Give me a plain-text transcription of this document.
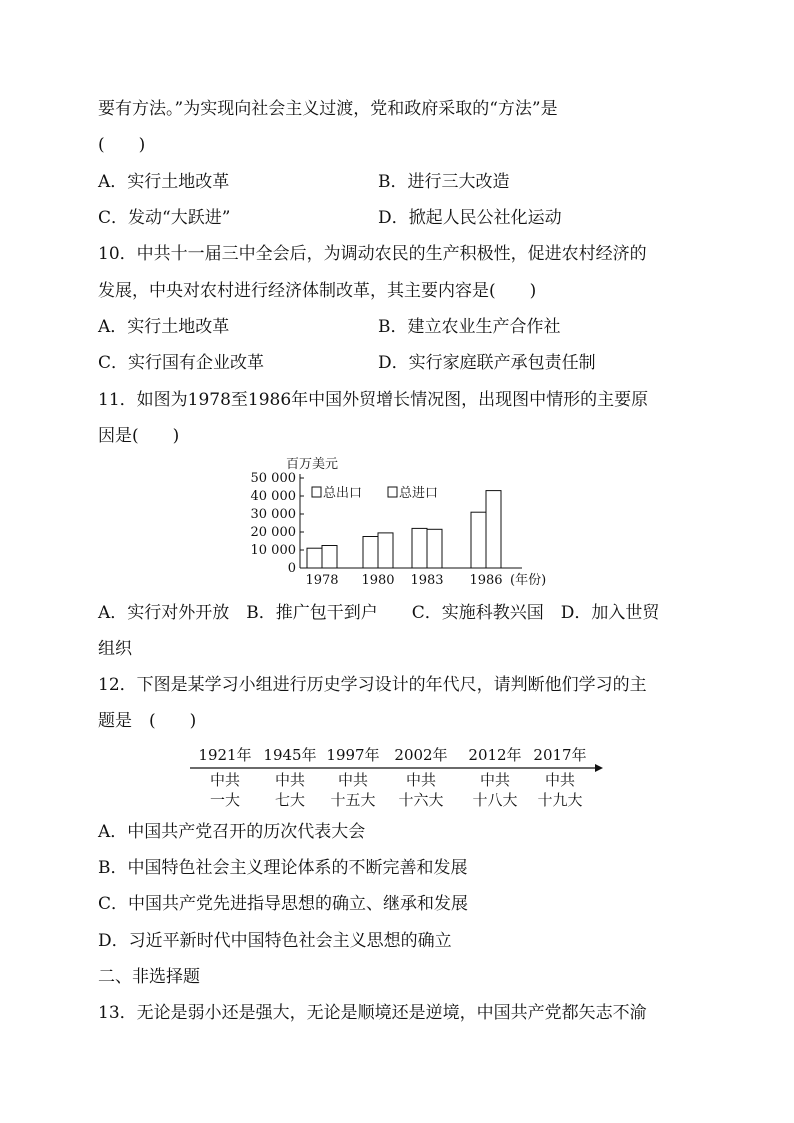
要有方法。”为实现向社会主义过渡，党和政府采取的“方法”是
(　　)
A．实行土地改革	B．进行三大改造
C．发动“大跃进”	D．掀起人民公社化运动
10．中共十一届三中全会后，为调动农民的生产积极性，促进农村经济的
发展，中央对农村进行经济体制改革，其主要内容是(　　)
A．实行土地改革	B．建立农业生产合作社
C．实行国有企业改革	D．实行家庭联产承包责任制
11．如图为1978至1986年中国外贸增长情况图，出现图中情形的主要原
因是(　　)
百万美元
0
10 000
20 000
30 000
40 000
50 000
1978 1980 1983 1986 (年份)
总出口	总进口
A．实行对外开放　B．推广包干到户　　C．实施科教兴国　D．加入世贸
组织
12．下图是某学习小组进行历史学习设计的年代尺，请判断他们学习的主
题是　(　　)
1921年
中共
一大
1945年
中共
七大
1997年
中共
十五大
2002年
中共
十六大
2012年
中共
十八大
2017年
中共
十九大
A．中国共产党召开的历次代表大会
B．中国特色社会主义理论体系的不断完善和发展
C．中国共产党先进指导思想的确立、继承和发展
D．习近平新时代中国特色社会主义思想的确立
二、非选择题
13．无论是弱小还是强大，无论是顺境还是逆境，中国共产党都矢志不渝
